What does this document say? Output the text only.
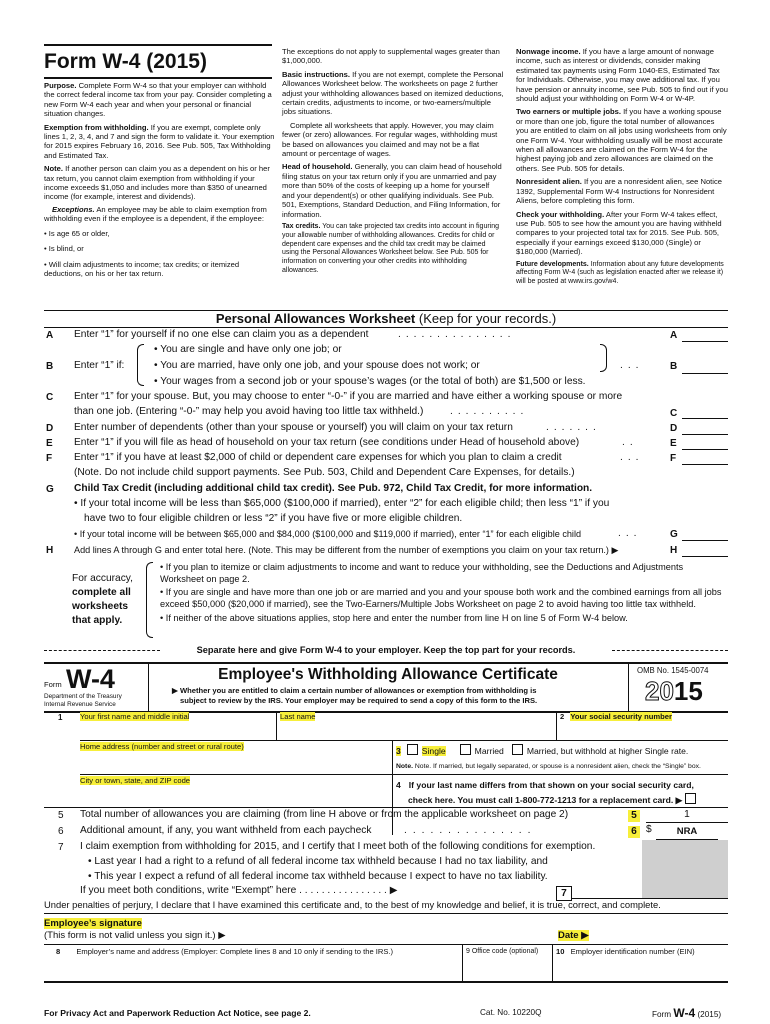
Form W-4 (2015)

Purpose. Complete Form W-4 so that your employer can withhold the correct federal income tax from your pay. Consider completing a new Form W-4 each year and when your personal or financial situation changes.

Exemption from withholding. If you are exempt, complete only lines 1, 2, 3, 4, and 7 and sign the form to validate it. Your exemption for 2015 expires February 16, 2016. See Pub. 505, Tax Withholding and Estimated Tax.

Note. If another person can claim you as a dependent on his or her tax return, you cannot claim exemption from withholding if your income exceeds $1,050 and includes more than $350 of unearned income (for example, interest and dividends).

Exceptions. An employee may be able to claim exemption from withholding even if the employee is a dependent, if the employee:

• Is age 65 or older,

• Is blind, or

• Will claim adjustments to income; tax credits; or itemized deductions, on his or her tax return.

The exceptions do not apply to supplemental wages greater than $1,000,000.

Basic instructions. If you are not exempt, complete the Personal Allowances Worksheet below. The worksheets on page 2 further adjust your withholding allowances based on itemized deductions, certain credits, adjustments to income, or two-earners/multiple jobs situations.

Complete all worksheets that apply. However, you may claim fewer (or zero) allowances. For regular wages, withholding must be based on allowances you claimed and may not be a flat amount or percentage of wages.

Head of household. Generally, you can claim head of household filing status on your tax return only if you are unmarried and pay more than 50% of the costs of keeping up a home for yourself and your dependent(s) or other qualifying individuals. See Pub. 501, Exemptions, Standard Deduction, and Filing Information, for information.

Tax credits. You can take projected tax credits into account in figuring your allowable number of withholding allowances. Credits for child or dependent care expenses and the child tax credit may be claimed using the Personal Allowances Worksheet below. See Pub. 505 for information on converting your other credits into withholding allowances.

Nonwage income. If you have a large amount of nonwage income, such as interest or dividends, consider making estimated tax payments using Form 1040-ES, Estimated Tax for Individuals. Otherwise, you may owe additional tax. If you have pension or annuity income, see Pub. 505 to find out if you should adjust your withholding on Form W-4 or W-4P.

Two earners or multiple jobs. If you have a working spouse or more than one job, figure the total number of allowances you are entitled to claim on all jobs using worksheets from only one Form W-4. Your withholding usually will be most accurate when all allowances are claimed on the Form W-4 for the highest paying job and zero allowances are claimed on the others. See Pub. 505 for details.

Nonresident alien. If you are a nonresident alien, see Notice 1392, Supplemental Form W-4 Instructions for Nonresident Aliens, before completing this form.

Check your withholding. After your Form W-4 takes effect, use Pub. 505 to see how the amount you are having withheld compares to your projected total tax for 2015. See Pub. 505, especially if your earnings exceed $130,000 (Single) or $180,000 (Married).

Future developments. Information about any future developments affecting Form W-4 (such as legislation enacted after we release it) will be posted at www.irs.gov/w4.

Personal Allowances Worksheet (Keep for your records.)
A Enter “1” for yourself if no one else can claim you as a dependent	...............	A
B Enter “1” if:
• You are single and have only one job; or
• You are married, have only one job, and your spouse does not work; or
• Your wages from a second job or your spouse’s wages (or the total of both) are $1,500 or less.
...	B
C Enter “1” for your spouse. But, you may choose to enter “-0-” if you are married and have either a working spouse or more
than one job. (Entering “-0-” may help you avoid having too little tax withheld.)	..........	C
D Enter number of dependents (other than your spouse or yourself) you will claim on your tax return	.......	D
E Enter “1” if you will file as head of household on your tax return (see conditions under Head of household above)	..	E
F Enter “1” if you have at least $2,000 of child or dependent care expenses for which you plan to claim a credit	...	F
(Note. Do not include child support payments. See Pub. 503, Child and Dependent Care Expenses, for details.)
G Child Tax Credit (including additional child tax credit). See Pub. 972, Child Tax Credit, for more information.
• If your total income will be less than $65,000 ($100,000 if married), enter “2” for each eligible child; then less “1” if you
have two to four eligible children or less “2” if you have five or more eligible children.
• If your total income will be between $65,000 and $84,000 ($100,000 and $119,000 if married), enter “1” for each eligible child	...	G
H Add lines A through G and enter total here. (Note. This may be different from the number of exemptions you claim on your tax return.) ▶	H
For accuracy,
complete all
worksheets
that apply.
• If you plan to itemize or claim adjustments to income and want to reduce your withholding, see the Deductions and Adjustments Worksheet on page 2.
• If you are single and have more than one job or are married and you and your spouse both work and the combined earnings from all jobs exceed $50,000 ($20,000 if married), see the Two-Earners/Multiple Jobs Worksheet on page 2 to avoid having too little tax withheld.
• If neither of the above situations applies, stop here and enter the number from line H on line 5 of Form W-4 below.
Separate here and give Form W-4 to your employer. Keep the top part for your records.
Form W-4
Department of the Treasury
Internal Revenue Service
Employee's Withholding Allowance Certificate
▶ Whether you are entitled to claim a certain number of allowances or exemption from withholding is
subject to review by the IRS. Your employer may be required to send a copy of this form to the IRS.
OMB No. 1545-0074
2015
1 Your first name and middle initial	Last name	2 Your social security number
Home address (number and street or rural route)	3 Single	Married	Married, but withhold at higher Single rate.
Note. Note. If married, but legally separated, or spouse is a nonresident alien, check the “Single” box.
City or town, state, and ZIP code	4 If your last name differs from that shown on your social security card,
check here. You must call 1-800-772-1213 for a replacement card. ▶
5 Total number of allowances you are claiming (from line H above or from the applicable worksheet on page 2)	5	1
6 Additional amount, if any, you want withheld from each paycheck	...............	6 $	NRA
7 I claim exemption from withholding for 2015, and I certify that I meet both of the following conditions for exemption.
• Last year I had a right to a refund of all federal income tax withheld because I had no tax liability, and
• This year I expect a refund of all federal income tax withheld because I expect to have no tax liability.
If you meet both conditions, write “Exempt” here . . . . . . . . . . . . . . . . ▶	7
Under penalties of perjury, I declare that I have examined this certificate and, to the best of my knowledge and belief, it is true, correct, and complete.
Employee’s signature
(This form is not valid unless you sign it.) ▶	Date ▶
8 Employer’s name and address (Employer: Complete lines 8 and 10 only if sending to the IRS.)	9 Office code (optional)	10 Employer identification number (EIN)
For Privacy Act and Paperwork Reduction Act Notice, see page 2.	Cat. No. 10220Q	Form W-4 (2015)
